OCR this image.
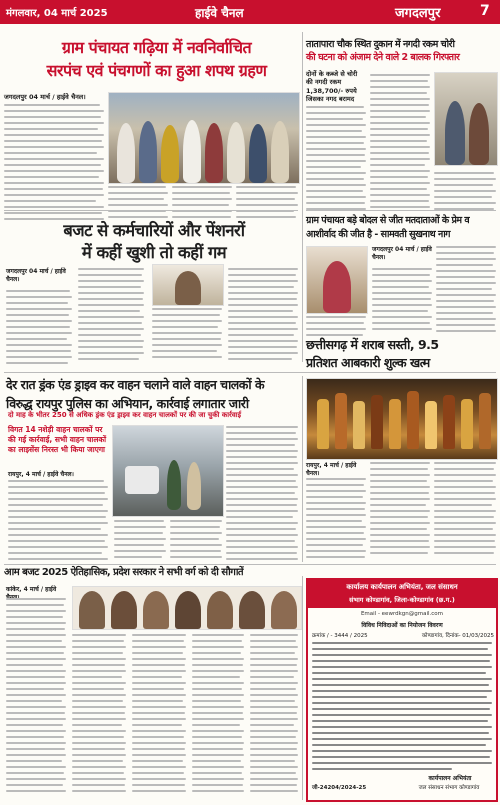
मंगलवार, 04 मार्च 2025	हाईवे चैनल	जगदलपुर	7
ग्राम पंचायत गढ़िया में नवनिर्वाचित
सरपंच एवं पंचगणों का हुआ शपथ ग्रहण
जगदलपुर 04 मार्च / हाईवे चैनल।
तातापारा चौक स्थित दुकान में नगदी रकम चोरी
की घटना को अंजाम देने वाले 2 बालक गिरफ्तार
दोनों के कब्जे से चोरी की नगदी रकम 1,38,700/- रुपये जिसका नगद बरामद
बजट से कर्मचारियों और पेंशनरों
में कहीं खुशी तो कहीं गम
जगदलपुर 04 मार्च / हाईवे चैनल।
ग्राम पंचायत बड़े बोदल से जीत मतदाताओं के प्रेम व
आशीर्वाद की जीत है - सामवती सुखनाथ नाग
जगदलपुर 04 मार्च / हाईवे चैनल।
देर रात ड्रंक एंड ड्राइव कर वाहन चलाने वाले वाहन चालकों के
विरुद्ध रायपुर पुलिस का अभियान, कार्रवाई लगातार जारी
दो माह के भीतर 250 से अधिक ड्रंक एंड ड्राइव कर वाहन चालकों पर की जा चुकी कार्रवाई
विगत 14 नशेड़ी वाहन चालकों पर की गई कार्रवाई, सभी वाहन चालकों का लाइसेंस निरस्त भी किया जाएगा
रायपुर, 4 मार्च / हाईवे चैनल।
छत्तीसगढ़ में शराब सस्ती, 9.5
प्रतिशत आबकारी शुल्क खत्म
रायपुर, 4 मार्च / हाईवे चैनल।
आम बजट 2025 ऐतिहासिक, प्रदेश सरकार ने सभी वर्ग को दी सौगातें
कांकेर, 4 मार्च / हाईवे	कार्यालय कार्यपालन अभियंता, जल संसाधन
संभाग कोण्डागांव, जिला-कोण्डागांव (छ.ग.)
Email - eewrdkgn@gmail.com
विविध निविदाओं का नियोजन विवरण
क्रमांक / - 3444 / 2025	कोण्डागांव, दिनांक- 01/03/2025
कार्यपालन अभियंता
जल संसाधन संभाग कोण्डागांव
जी-24204/2024-25
